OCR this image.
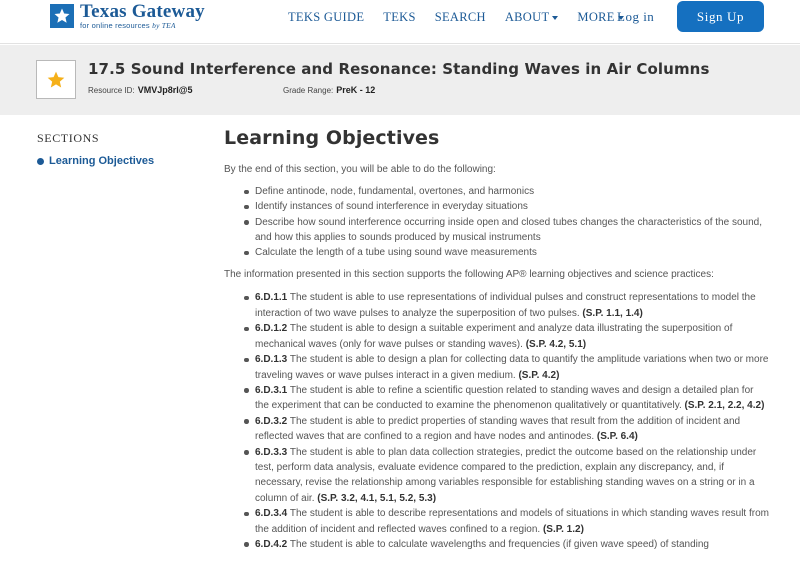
Texas Gateway
for online resources by TEA
TEKS GUIDE TEKS SEARCH ABOUT MORE Log in	Sign Up
17.5 Sound Interference and Resonance: Standing Waves in Air Columns
Resource ID: VMVJp8rI@5	Grade Range: PreK - 12
SECTIONS
Learning Objectives
Learning Objectives
By the end of this section, you will be able to do the following:
Define antinode, node, fundamental, overtones, and harmonics
Identify instances of sound interference in everyday situations
Describe how sound interference occurring inside open and closed tubes changes the characteristics of the sound, and how this applies to sounds produced by musical instruments
Calculate the length of a tube using sound wave measurements
The information presented in this section supports the following AP® learning objectives and science practices:
6.D.1.1 The student is able to use representations of individual pulses and construct representations to model the interaction of two wave pulses to analyze the superposition of two pulses. (S.P. 1.1, 1.4)
6.D.1.2 The student is able to design a suitable experiment and analyze data illustrating the superposition of mechanical waves (only for wave pulses or standing waves). (S.P. 4.2, 5.1)
6.D.1.3 The student is able to design a plan for collecting data to quantify the amplitude variations when two or more traveling waves or wave pulses interact in a given medium. (S.P. 4.2)
6.D.3.1 The student is able to refine a scientific question related to standing waves and design a detailed plan for the experiment that can be conducted to examine the phenomenon qualitatively or quantitatively. (S.P. 2.1, 2.2, 4.2)
6.D.3.2 The student is able to predict properties of standing waves that result from the addition of incident and reflected waves that are confined to a region and have nodes and antinodes. (S.P. 6.4)
6.D.3.3 The student is able to plan data collection strategies, predict the outcome based on the relationship under test, perform data analysis, evaluate evidence compared to the prediction, explain any discrepancy, and, if necessary, revise the relationship among variables responsible for establishing standing waves on a string or in a column of air. (S.P. 3.2, 4.1, 5.1, 5.2, 5.3)
6.D.3.4 The student is able to describe representations and models of situations in which standing waves result from the addition of incident and reflected waves confined to a region. (S.P. 1.2)
6.D.4.2 The student is able to calculate wavelengths and frequencies (if given wave speed) of standing
